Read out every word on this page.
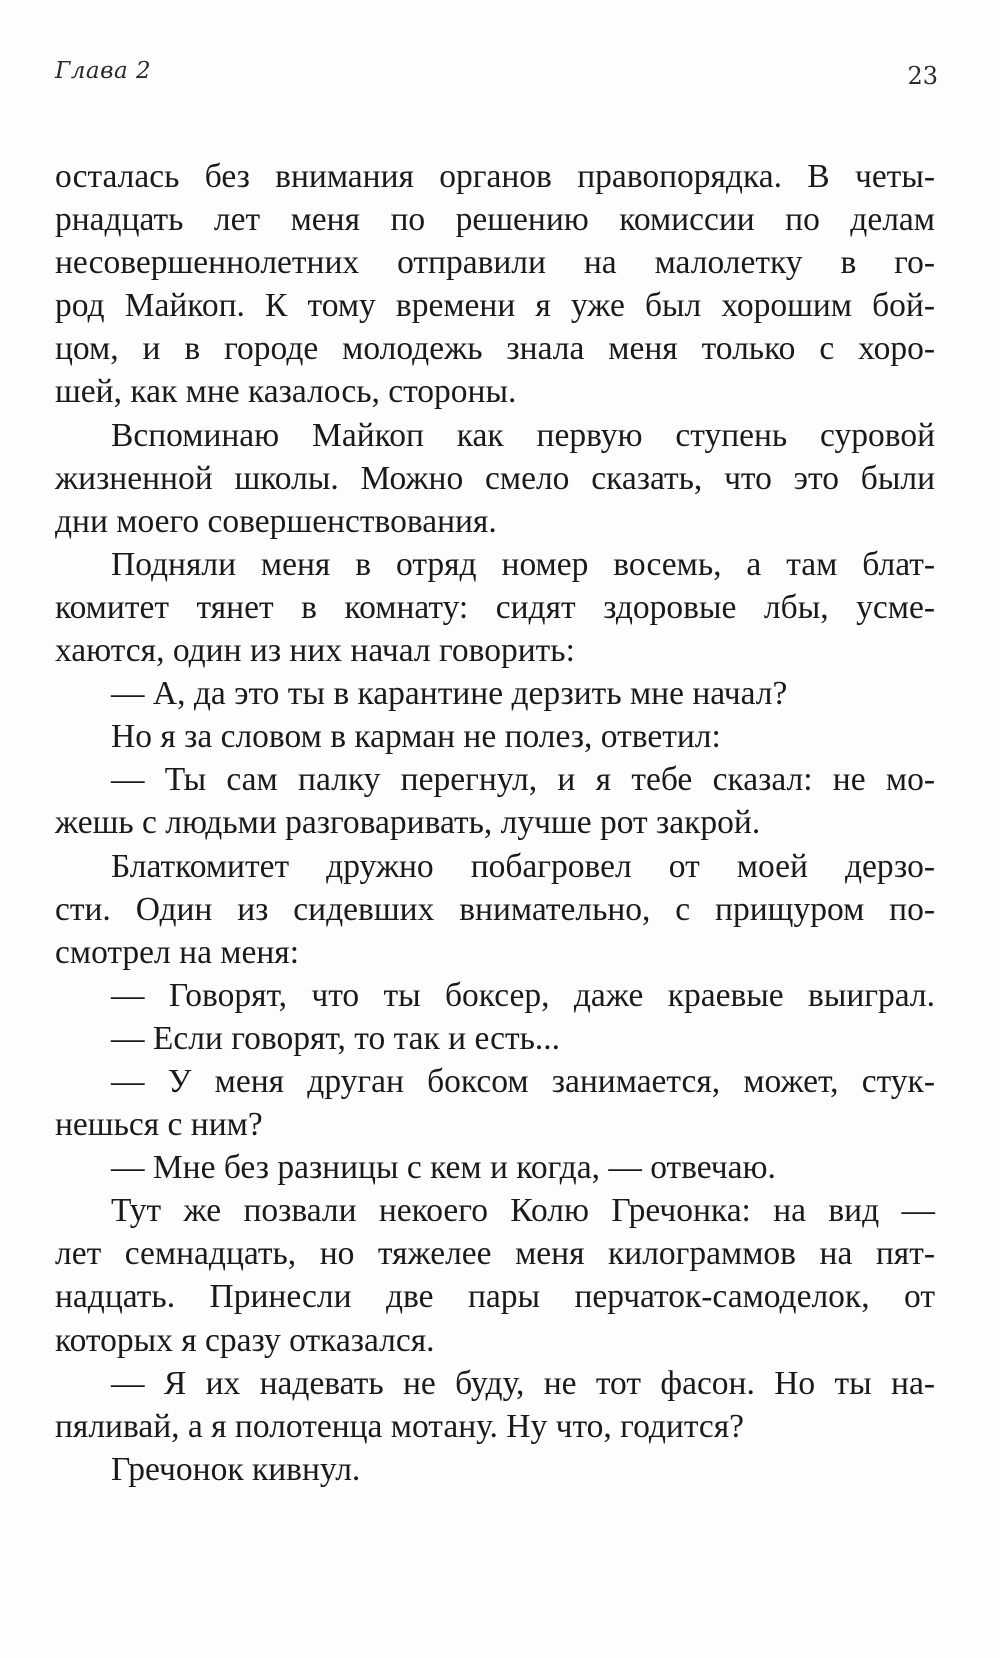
Глава 2	23
осталась без внимания органов правопорядка. В четы-
рнадцать лет меня по решению комиссии по делам
несовершеннолетних отправили на малолетку в го-
род Майкоп. К тому времени я уже был хорошим бой-
цом, и в городе молодежь знала меня только с хоро-
шей, как мне казалось, стороны.
Вспоминаю Майкоп как первую ступень суровой
жизненной школы. Можно смело сказать, что это были
дни моего совершенствования.
Подняли меня в отряд номер восемь, а там блат-
комитет тянет в комнату: сидят здоровые лбы, усме-
хаются, один из них начал говорить:
— А, да это ты в карантине дерзить мне начал?
Но я за словом в карман не полез, ответил:
— Ты сам палку перегнул, и я тебе сказал: не мо-
жешь с людьми разговаривать, лучше рот закрой.
Блаткомитет дружно побагровел от моей дерзо-
сти. Один из сидевших внимательно, с прищуром по-
смотрел на меня:
— Говорят, что ты боксер, даже краевые выиграл.
— Если говорят, то так и есть...
— У меня друган боксом занимается, может, стук-
нешься с ним?
— Мне без разницы с кем и когда, — отвечаю.
Тут же позвали некоего Колю Гречонка: на вид —
лет семнадцать, но тяжелее меня килограммов на пят-
надцать. Принесли две пары перчаток-самоделок, от
которых я сразу отказался.
— Я их надевать не буду, не тот фасон. Но ты на-
пяливай, а я полотенца мотану. Ну что, годится?
Гречонок кивнул.
